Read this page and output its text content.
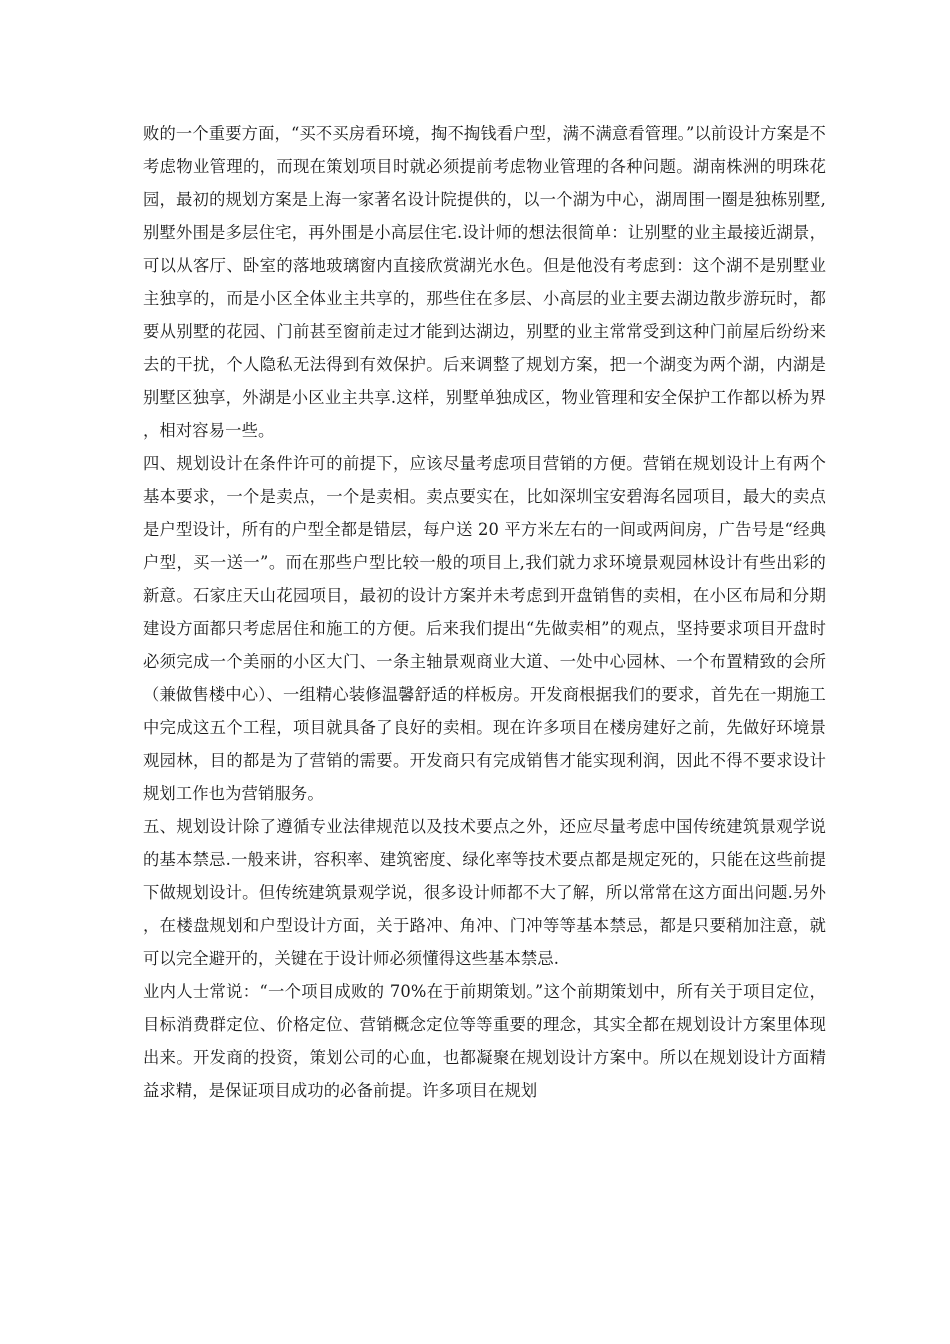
败的一个重要方面，“买不买房看环境，掏不掏钱看户型，满不满意看管理。”以前设计方案是不考虑物业管理的，而现在策划项目时就必须提前考虑物业管理的各种问题。湖南株洲的明珠花园，最初的规划方案是上海一家著名设计院提供的，以一个湖为中心，湖周围一圈是独栋别墅,别墅外围是多层住宅，再外围是小高层住宅.设计师的想法很简单：让别墅的业主最接近湖景，可以从客厅、卧室的落地玻璃窗内直接欣赏湖光水色。但是他没有考虑到：这个湖不是别墅业主独享的，而是小区全体业主共享的，那些住在多层、小高层的业主要去湖边散步游玩时，都要从别墅的花园、门前甚至窗前走过才能到达湖边，别墅的业主常常受到这种门前屋后纷纷来去的干扰，个人隐私无法得到有效保护。后来调整了规划方案，把一个湖变为两个湖，内湖是别墅区独享，外湖是小区业主共享.这样，别墅单独成区，物业管理和安全保护工作都以桥为界，相对容易一些。

四、规划设计在条件许可的前提下，应该尽量考虑项目营销的方便。营销在规划设计上有两个基本要求，一个是卖点，一个是卖相。卖点要实在，比如深圳宝安碧海名园项目，最大的卖点是户型设计，所有的户型全都是错层，每户送 20 平方米左右的一间或两间房，广告号是“经典户型，买一送一”。而在那些户型比较一般的项目上,我们就力求环境景观园林设计有些出彩的新意。石家庄天山花园项目，最初的设计方案并未考虑到开盘销售的卖相，在小区布局和分期建设方面都只考虑居住和施工的方便。后来我们提出“先做卖相”的观点，坚持要求项目开盘时必须完成一个美丽的小区大门、一条主轴景观商业大道、一处中心园林、一个布置精致的会所（兼做售楼中心）、一组精心装修温馨舒适的样板房。开发商根据我们的要求，首先在一期施工中完成这五个工程，项目就具备了良好的卖相。现在许多项目在楼房建好之前，先做好环境景观园林，目的都是为了营销的需要。开发商只有完成销售才能实现利润，因此不得不要求设计规划工作也为营销服务。

五、规划设计除了遵循专业法律规范以及技术要点之外，还应尽量考虑中国传统建筑景观学说的基本禁忌.一般来讲，容积率、建筑密度、绿化率等技术要点都是规定死的，只能在这些前提下做规划设计。但传统建筑景观学说，很多设计师都不大了解，所以常常在这方面出问题.另外，在楼盘规划和户型设计方面，关于路冲、角冲、门冲等等基本禁忌，都是只要稍加注意，就可以完全避开的，关键在于设计师必须懂得这些基本禁忌.

业内人士常说：“一个项目成败的 70%在于前期策划。”这个前期策划中，所有关于项目定位，目标消费群定位、价格定位、营销概念定位等等重要的理念，其实全都在规划设计方案里体现出来。开发商的投资，策划公司的心血，也都凝聚在规划设计方案中。所以在规划设计方面精益求精，是保证项目成功的必备前提。许多项目在规划
